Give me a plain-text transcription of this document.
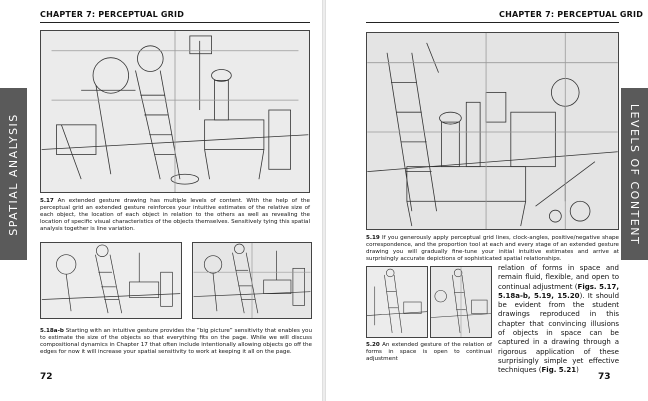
CHAPTER 7: PERCEPTUAL GRID
5.17 An extended gesture drawing has multiple levels of content. With the help of the perceptual grid an extended gesture reinforces your intuitive estimates of the relative size of each object, the location of each object in relation to the others as well as revealing the location of specific visual characteristics of the objects themselves. Sensitively tying this spatial analysis together is line variation.
5.18a-b Starting with an intuitive gesture provides the “big picture” sensitivity that enables you to estimate the size of the objects so that everything fits on the page. While we will discuss compositional dynamics in Chapter 17 that often include intentionally allowing objects go off the edges for now it will increase your spatial sensitivity to work at keeping it all on the page.
72
SPATIAL ANALYSIS
CHAPTER 7: PERCEPTUAL GRID
5.19 If you generously apply perceptual grid lines, clock-angles, positive/negative shape correspondence, and the proportion tool at each and every stage of an extended gesture drawing you will gradually fine-tune your initial intuitive estimates and arrive at surprisingly accurate depictions of sophisticated spatial relationships.
5.20 An extended gesture of the relation of forms in space is open to continual adjustment
relation of forms in space and remain fluid, flexible, and open to continual adjustment (Figs. 5.17, 5.18a-b, 5.19, 15.20). It should be evident from the student drawings reproduced in this chapter that convincing illusions of objects in space can be captured in a drawing through a rigorous application of these surprisingly simple yet effective techniques (Fig. 5.21)
73
LEVELS OF CONTENT
